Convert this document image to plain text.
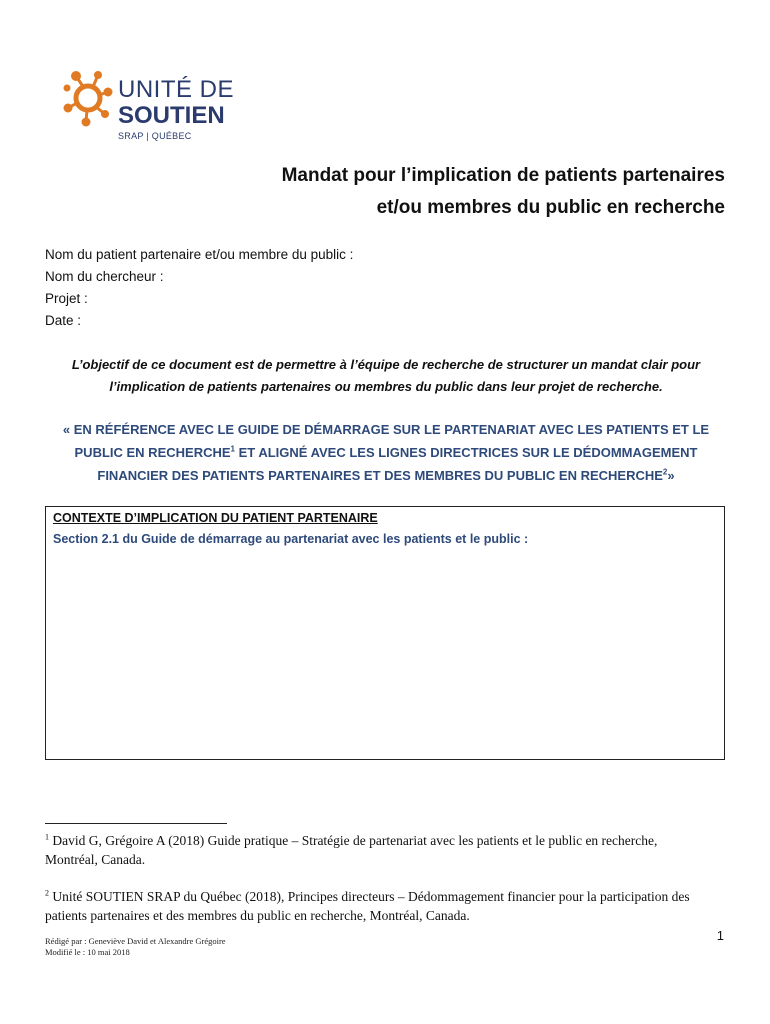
UNITÉ DE
SOUTIEN
SRAP | QUÉBEC
Mandat pour l’implication de patients partenaires
et/ou membres du public en recherche
Nom du patient partenaire et/ou membre du public :
Nom du chercheur :
Projet :
Date :
L’objectif de ce document est de permettre à l’équipe de recherche de structurer un mandat clair pour
l’implication de patients partenaires ou membres du public dans leur projet de recherche.
« EN RÉFÉRENCE AVEC LE GUIDE DE DÉMARRAGE SUR LE PARTENARIAT AVEC LES PATIENTS ET LE PUBLIC EN RECHERCHE$^1$ ET ALIGNÉ AVEC LES LIGNES DIRECTRICES SUR LE DÉDOMMAGEMENT FINANCIER DES PATIENTS PARTENAIRES ET DES MEMBRES DU PUBLIC EN RECHERCHE$^2$»
CONTEXTE D’IMPLICATION DU PATIENT PARTENAIRE
Section 2.1 du Guide de démarrage au partenariat avec les patients et le public :
$^1$ David G, Grégoire A (2018) Guide pratique – Stratégie de partenariat avec les patients et le public en recherche, Montréal, Canada.
$^2$ Unité SOUTIEN SRAP du Québec (2018), Principes directeurs – Dédommagement financier pour la participation des patients partenaires et des membres du public en recherche, Montréal, Canada.
Rédigé par : Geneviève David et Alexandre Grégoire
Modifié le : 10 mai 2018
1
